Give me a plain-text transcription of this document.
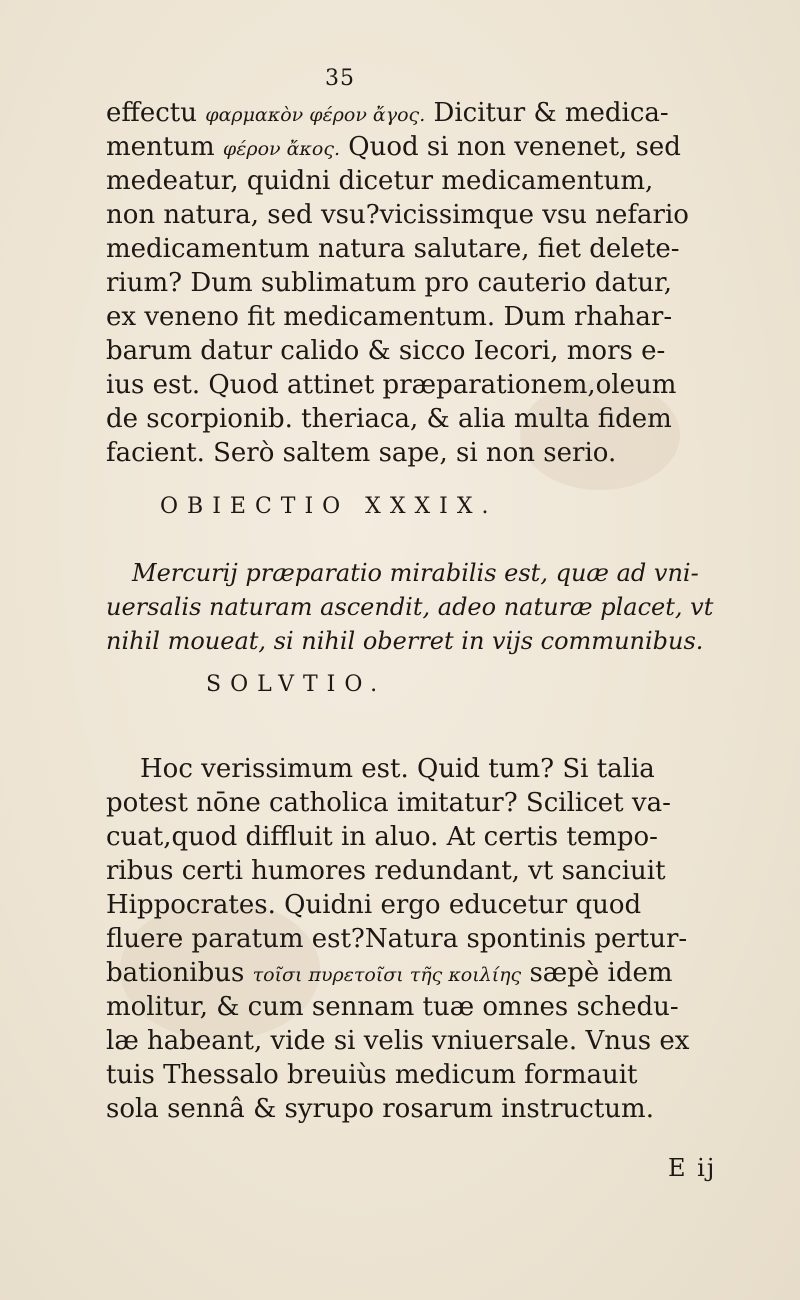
35
effectu φαρμακὸν φέρον ἄγος. Dicitur & medica-
mentum φέρον ἄκος. Quod si non venenet, sed
medeatur, quidni dicetur medicamentum,
non natura, sed vsu?vicissimque vsu nefario
medicamentum natura salutare, fiet delete-
rium? Dum sublimatum pro cauterio datur,
ex veneno fit medicamentum. Dum rhahar-
barum datur calido & sicco Iecori, mors e-
ius est. Quod attinet præparationem,oleum
de scorpionib. theriaca, & alia multa fidem
facient. Serò saltem sape, si non serio.
OBIECTIO XXXIX.
Mercurij præparatio mirabilis est, quæ ad vni-
uersalis naturam ascendit, adeo naturæ placet, vt
nihil moueat, si nihil oberret in vijs communibus.
SOLVTIO.
Hoc verissimum est. Quid tum? Si talia
potest nōne catholica imitatur? Scilicet va-
cuat,quod diffluit in aluo. At certis tempo-
ribus certi humores redundant, vt sanciuit
Hippocrates. Quidni ergo educetur quod
fluere paratum est?Natura spontinis pertur-
bationibus τοῖσι πυρετοῖσι τῆς κοιλίης sæpè idem
molitur, & cum sennam tuæ omnes schedu-
læ habeant, vide si velis vniuersale. Vnus ex
tuis Thessalo breuiùs medicum formauit
sola sennâ & syrupo rosarum instructum.
E ij
